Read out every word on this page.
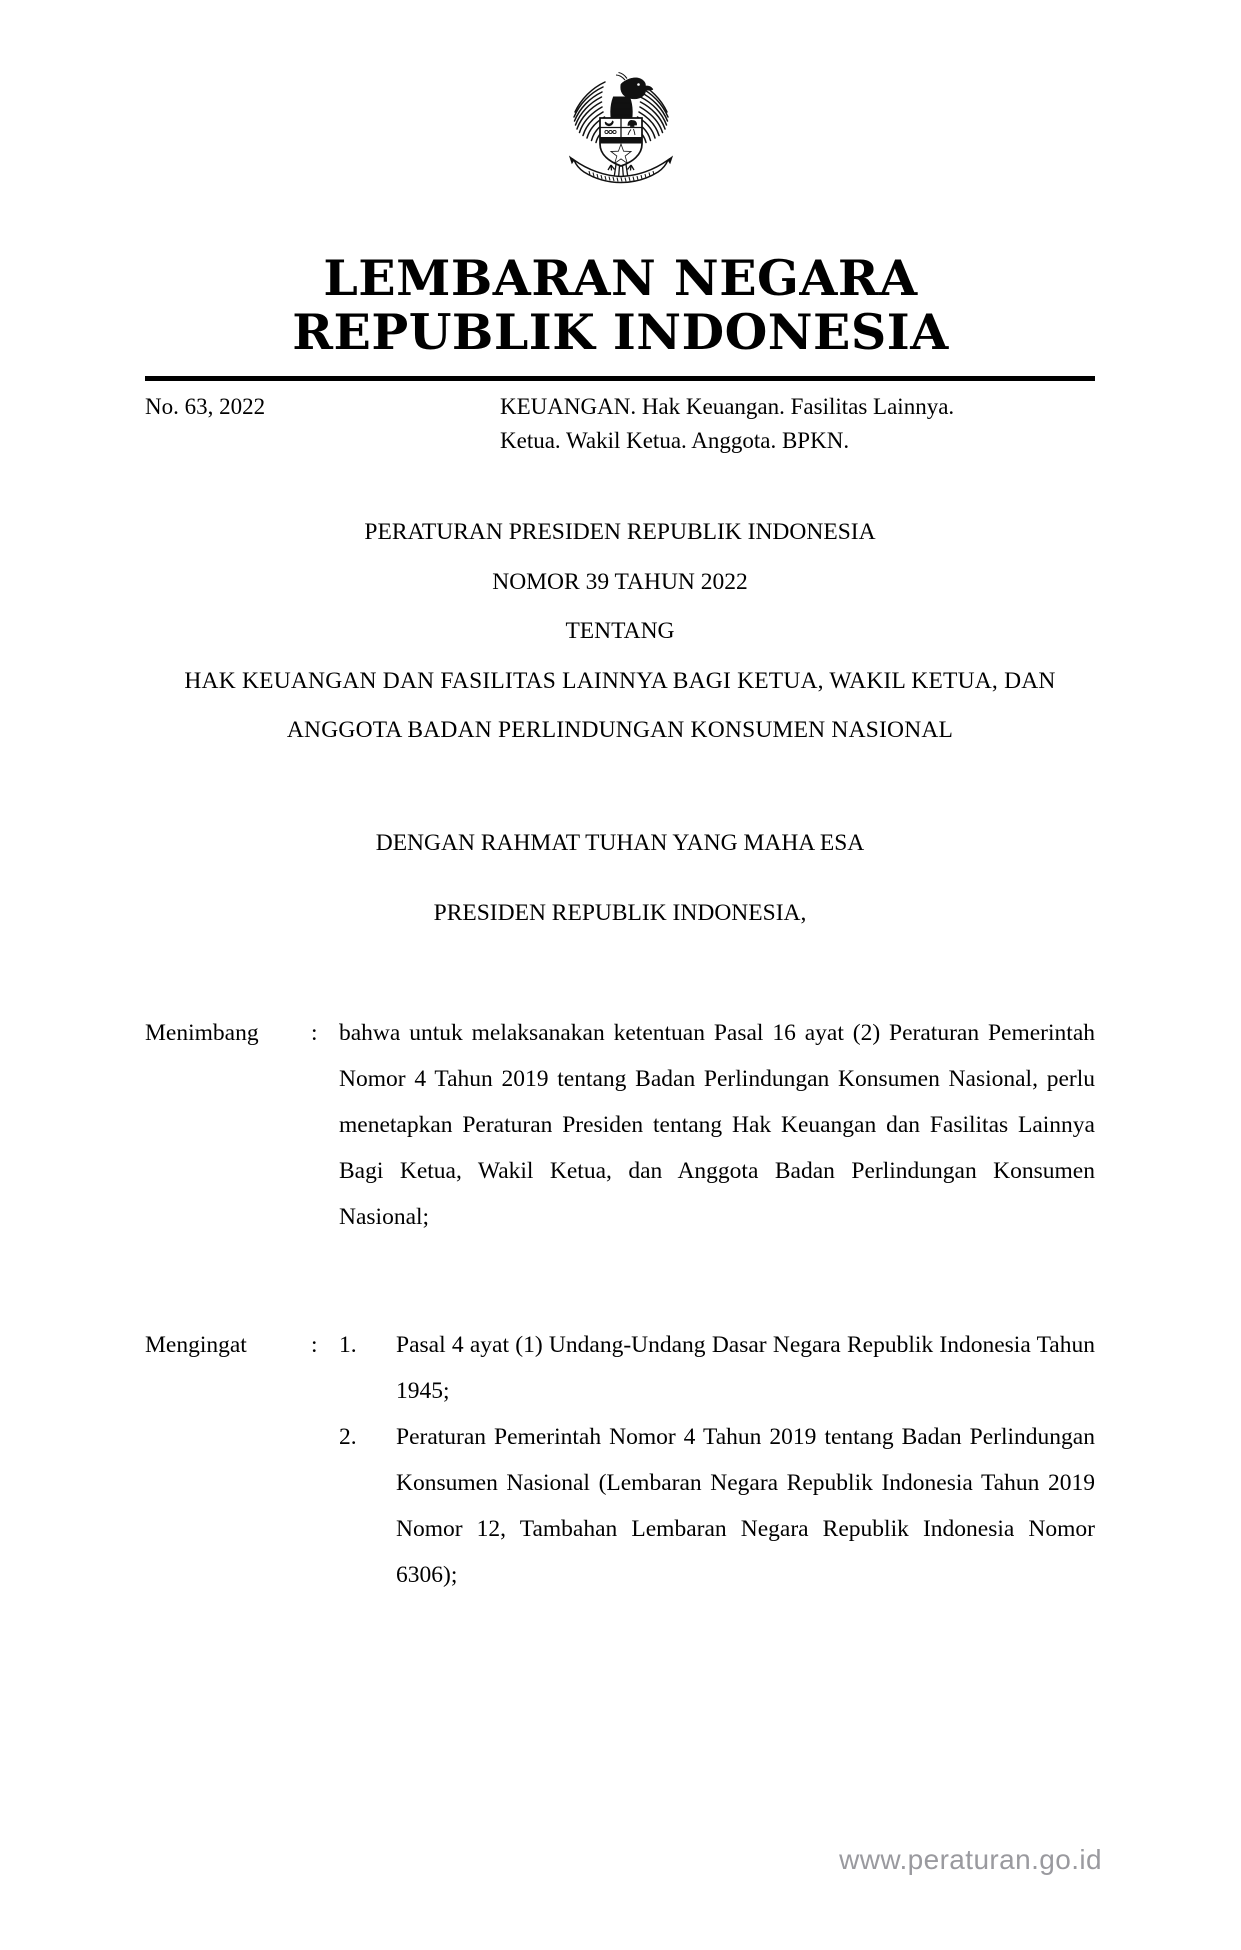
LEMBARAN NEGARA
REPUBLIK INDONESIA
No. 63, 2022	KEUANGAN. Hak Keuangan. Fasilitas Lainnya.

Ketua. Wakil Ketua. Anggota. BPKN.

PERATURAN PRESIDEN REPUBLIK INDONESIA
NOMOR 39 TAHUN 2022
TENTANG
HAK KEUANGAN DAN FASILITAS LAINNYA BAGI KETUA, WAKIL KETUA, DAN
ANGGOTA BADAN PERLINDUNGAN KONSUMEN NASIONAL
DENGAN RAHMAT TUHAN YANG MAHA ESA
PRESIDEN REPUBLIK INDONESIA,
Menimbang	: bahwa untuk melaksanakan ketentuan Pasal 16 ayat (2) Peraturan Pemerintah Nomor 4 Tahun 2019 tentang Badan Perlindungan Konsumen Nasional, perlu menetapkan Peraturan Presiden tentang Hak Keuangan dan Fasilitas Lainnya Bagi Ketua, Wakil Ketua, dan Anggota Badan Perlindungan Konsumen Nasional;

Mengingat	: 1.	Pasal 4 ayat (1) Undang-Undang Dasar Negara Republik Indonesia Tahun 1945;
2.	Peraturan Pemerintah Nomor 4 Tahun 2019 tentang Badan Perlindungan Konsumen Nasional (Lembaran Negara Republik Indonesia Tahun 2019 Nomor 12, Tambahan Lembaran Negara Republik Indonesia Nomor 6306);
www.peraturan.go.id
